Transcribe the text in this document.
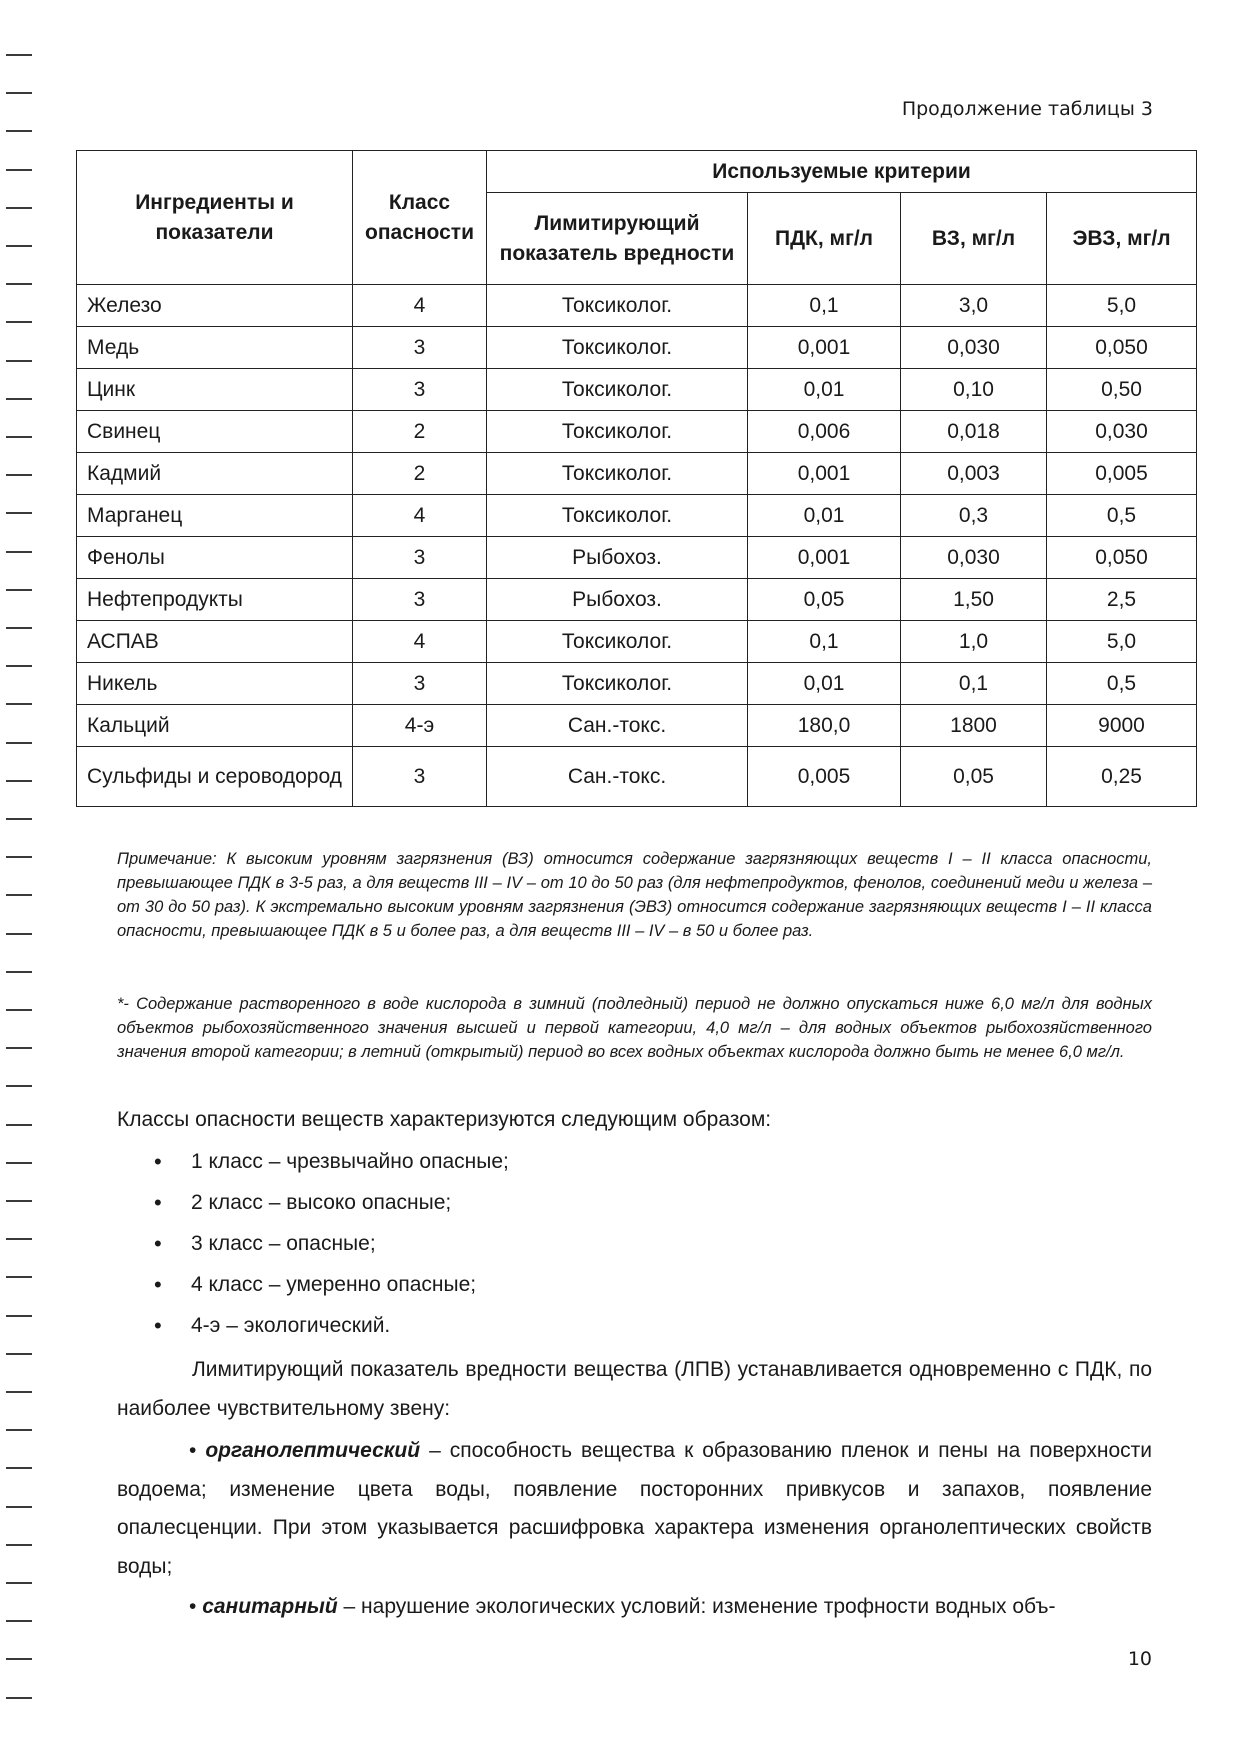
Продолжение таблицы 3
Ингредиенты и показатели	Класс опасности	Используемые критерии			
		Лимитирующий показатель вредности	ПДК, мг/л	ВЗ, мг/л	ЭВЗ, мг/л
Железо	4	Токсиколог.	0,1	3,0	5,0
Медь	3	Токсиколог.	0,001	0,030	0,050
Цинк	3	Токсиколог.	0,01	0,10	0,50
Свинец	2	Токсиколог.	0,006	0,018	0,030
Кадмий	2	Токсиколог.	0,001	0,003	0,005
Марганец	4	Токсиколог.	0,01	0,3	0,5
Фенолы	3	Рыбохоз.	0,001	0,030	0,050
Нефтепродукты	3	Рыбохоз.	0,05	1,50	2,5
АСПАВ	4	Токсиколог.	0,1	1,0	5,0
Никель	3	Токсиколог.	0,01	0,1	0,5
Кальций	4-э	Сан.-токс.	180,0	1800	9000
Сульфиды и сероводород	3	Сан.-токс.	0,005	0,05	0,25
Примечание: К высоким уровням загрязнения (ВЗ) относится содержание загрязняющих веществ I – II класса опасности, превышающее ПДК в 3-5 раз, а для веществ III – IV – от 10 до 50 раз (для нефтепродуктов, фенолов, соединений меди и железа – от 30 до 50 раз). К экстремально высоким уровням загрязнения (ЭВЗ) относится содержание загрязняющих веществ I – II класса опасности, превышающее ПДК в 5 и более раз, а для веществ III – IV – в 50 и более раз.
*- Содержание растворенного в воде кислорода в зимний (подледный) период не должно опускаться ниже 6,0 мг/л для водных объектов рыбохозяйственного значения высшей и первой категории, 4,0 мг/л – для водных объектов рыбохозяйственного значения второй категории; в летний (открытый) период во всех водных объектах кислорода должно быть не менее 6,0 мг/л.
Классы опасности веществ характеризуются следующим образом:
• 1 класс – чрезвычайно опасные;
• 2 класс – высоко опасные;
• 3 класс – опасные;
• 4 класс – умеренно опасные;
• 4-э – экологический.
Лимитирующий показатель вредности вещества (ЛПВ) устанавливается одновременно с ПДК, по наиболее чувствительному звену:
• органолептический – способность вещества к образованию пленок и пены на поверхности водоема; изменение цвета воды, появление посторонних привкусов и запахов, появление опалесценции. При этом указывается расшифровка характера изменения органолептических свойств воды;
• санитарный – нарушение экологических условий: изменение трофности водных объ-
10
